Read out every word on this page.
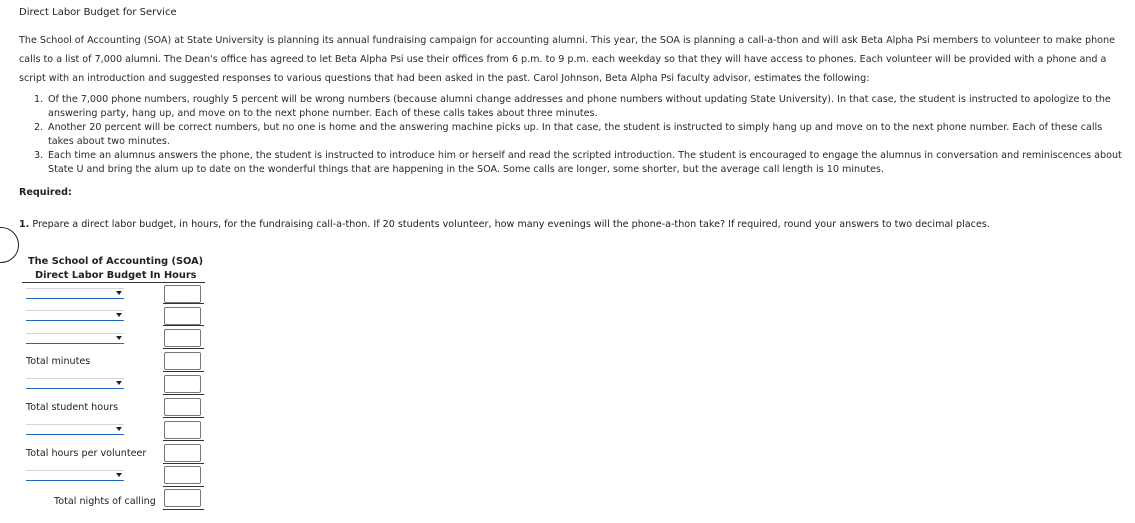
Direct Labor Budget for Service
The School of Accounting (SOA) at State University is planning its annual fundraising campaign for accounting alumni. This year, the SOA is planning a call-a-thon and will ask Beta Alpha Psi members to volunteer to make phone calls to a list of 7,000 alumni. The Dean's office has agreed to let Beta Alpha Psi use their offices from 6 p.m. to 9 p.m. each weekday so that they will have access to phones. Each volunteer will be provided with a phone and a script with an introduction and suggested responses to various questions that had been asked in the past. Carol Johnson, Beta Alpha Psi faculty advisor, estimates the following:
1. Of the 7,000 phone numbers, roughly 5 percent will be wrong numbers (because alumni change addresses and phone numbers without updating State University). In that case, the student is instructed to apologize to the answering party, hang up, and move on to the next phone number. Each of these calls takes about three minutes.
2. Another 20 percent will be correct numbers, but no one is home and the answering machine picks up. In that case, the student is instructed to simply hang up and move on to the next phone number. Each of these calls takes about two minutes.
3. Each time an alumnus answers the phone, the student is instructed to introduce him or herself and read the scripted introduction. The student is encouraged to engage the alumnus in conversation and reminiscences about State U and bring the alum up to date on the wonderful things that are happening in the SOA. Some calls are longer, some shorter, but the average call length is 10 minutes.
Required:
1. Prepare a direct labor budget, in hours, for the fundraising call-a-thon. If 20 students volunteer, how many evenings will the phone-a-thon take? If required, round your answers to two decimal places.
The School of Accounting (SOA)
Direct Labor Budget In Hours
Total minutes
Total student hours
Total hours per volunteer
Total nights of calling
